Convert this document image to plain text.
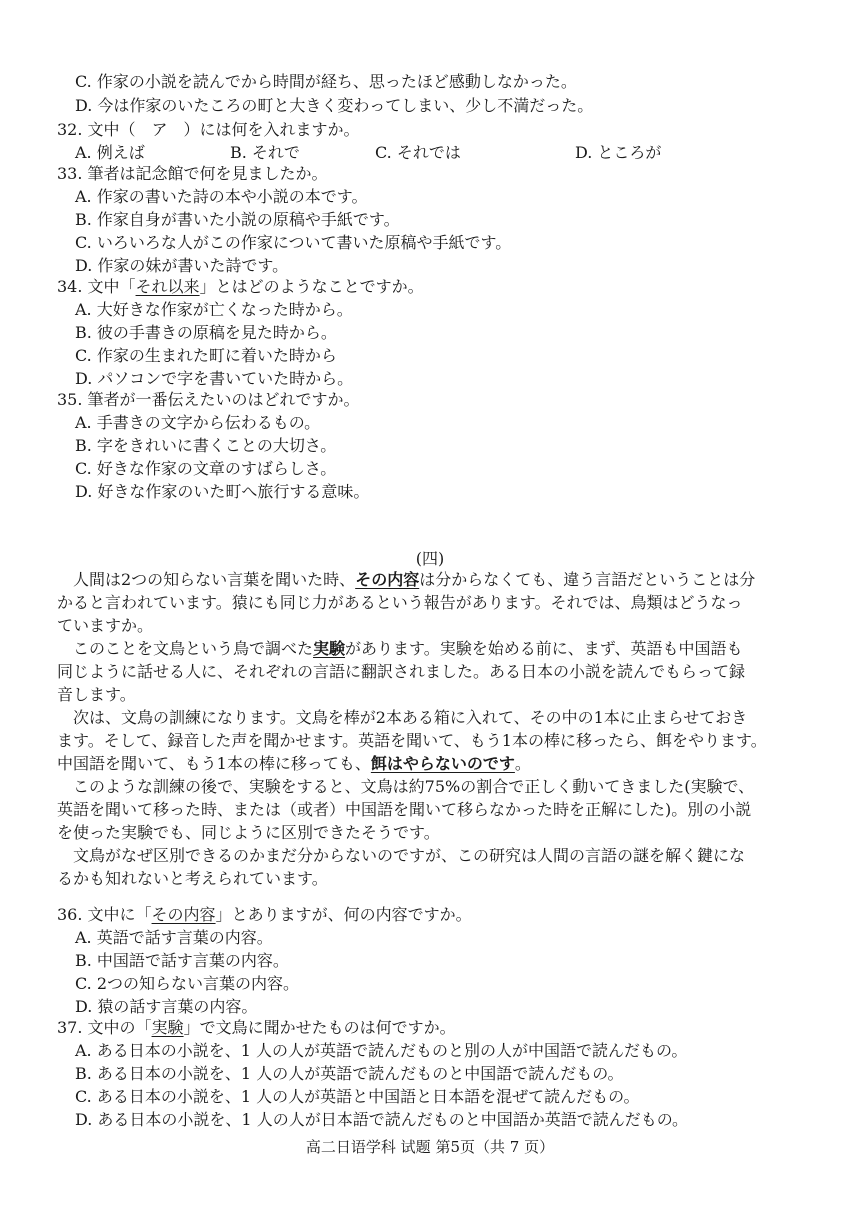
C. 作家の小説を読んでから時間が経ち、思ったほど感動しなかった。
D. 今は作家のいたころの町と大きく変わってしまい、少し不満だった。
32. 文中（　ア　）には何を入れますか。
A. 例えば	B. それで	C. それでは	D. ところが
33. 筆者は記念館で何を見ましたか。
A. 作家の書いた詩の本や小説の本です。
B. 作家自身が書いた小説の原稿や手紙です。
C. いろいろな人がこの作家について書いた原稿や手紙です。
D. 作家の妹が書いた詩です。
34. 文中「それ以来」とはどのようなことですか。
A. 大好きな作家が亡くなった時から。
B. 彼の手書きの原稿を見た時から。
C. 作家の生まれた町に着いた時から
D. パソコンで字を書いていた時から。
35. 筆者が一番伝えたいのはどれですか。
A. 手書きの文字から伝わるもの。
B. 字をきれいに書くことの大切さ。
C. 好きな作家の文章のすばらしさ。
D. 好きな作家のいた町へ旅行する意味。
(四)

人間は2つの知らない言葉を聞いた時、その内容は分からなくても、違う言語だということは分

かると言われています。猿にも同じ力があるという報告があります。それでは、鳥類はどうなっ

ていますか。

このことを文鳥という鳥で調べた実験があります。実験を始める前に、まず、英語も中国語も

同じように話せる人に、それぞれの言語に翻訳されました。ある日本の小説を読んでもらって録

音します。

次は、文鳥の訓練になります。文鳥を棒が2本ある箱に入れて、その中の1本に止まらせておき

ます。そして、録音した声を聞かせます。英語を聞いて、もう1本の棒に移ったら、餌をやります。

中国語を聞いて、もう1本の棒に移っても、餌はやらないのです。

このような訓練の後で、実験をすると、文鳥は約75%の割合で正しく動いてきました(実験で、

英語を聞いて移った時、または（或者）中国語を聞いて移らなかった時を正解にした)。別の小説

を使った実験でも、同じように区別できたそうです。

文鳥がなぜ区別できるのかまだ分からないのですが、この研究は人間の言語の謎を解く鍵にな

るかも知れないと考えられています。

36. 文中に「その内容」とありますが、何の内容ですか。
A. 英語で話す言葉の内容。
B. 中国語で話す言葉の内容。
C. 2つの知らない言葉の内容。
D. 猿の話す言葉の内容。
37. 文中の「実験」で文鳥に聞かせたものは何ですか。
A. ある日本の小説を、1 人の人が英語で読んだものと別の人が中国語で読んだもの。
B. ある日本の小説を、1 人の人が英語で読んだものと中国語で読んだもの。
C. ある日本の小説を、1 人の人が英語と中国語と日本語を混ぜて読んだもの。
D. ある日本の小説を、1 人の人が日本語で読んだものと中国語か英語で読んだもの。
高二日语学科 试题 第5页（共 7 页）
